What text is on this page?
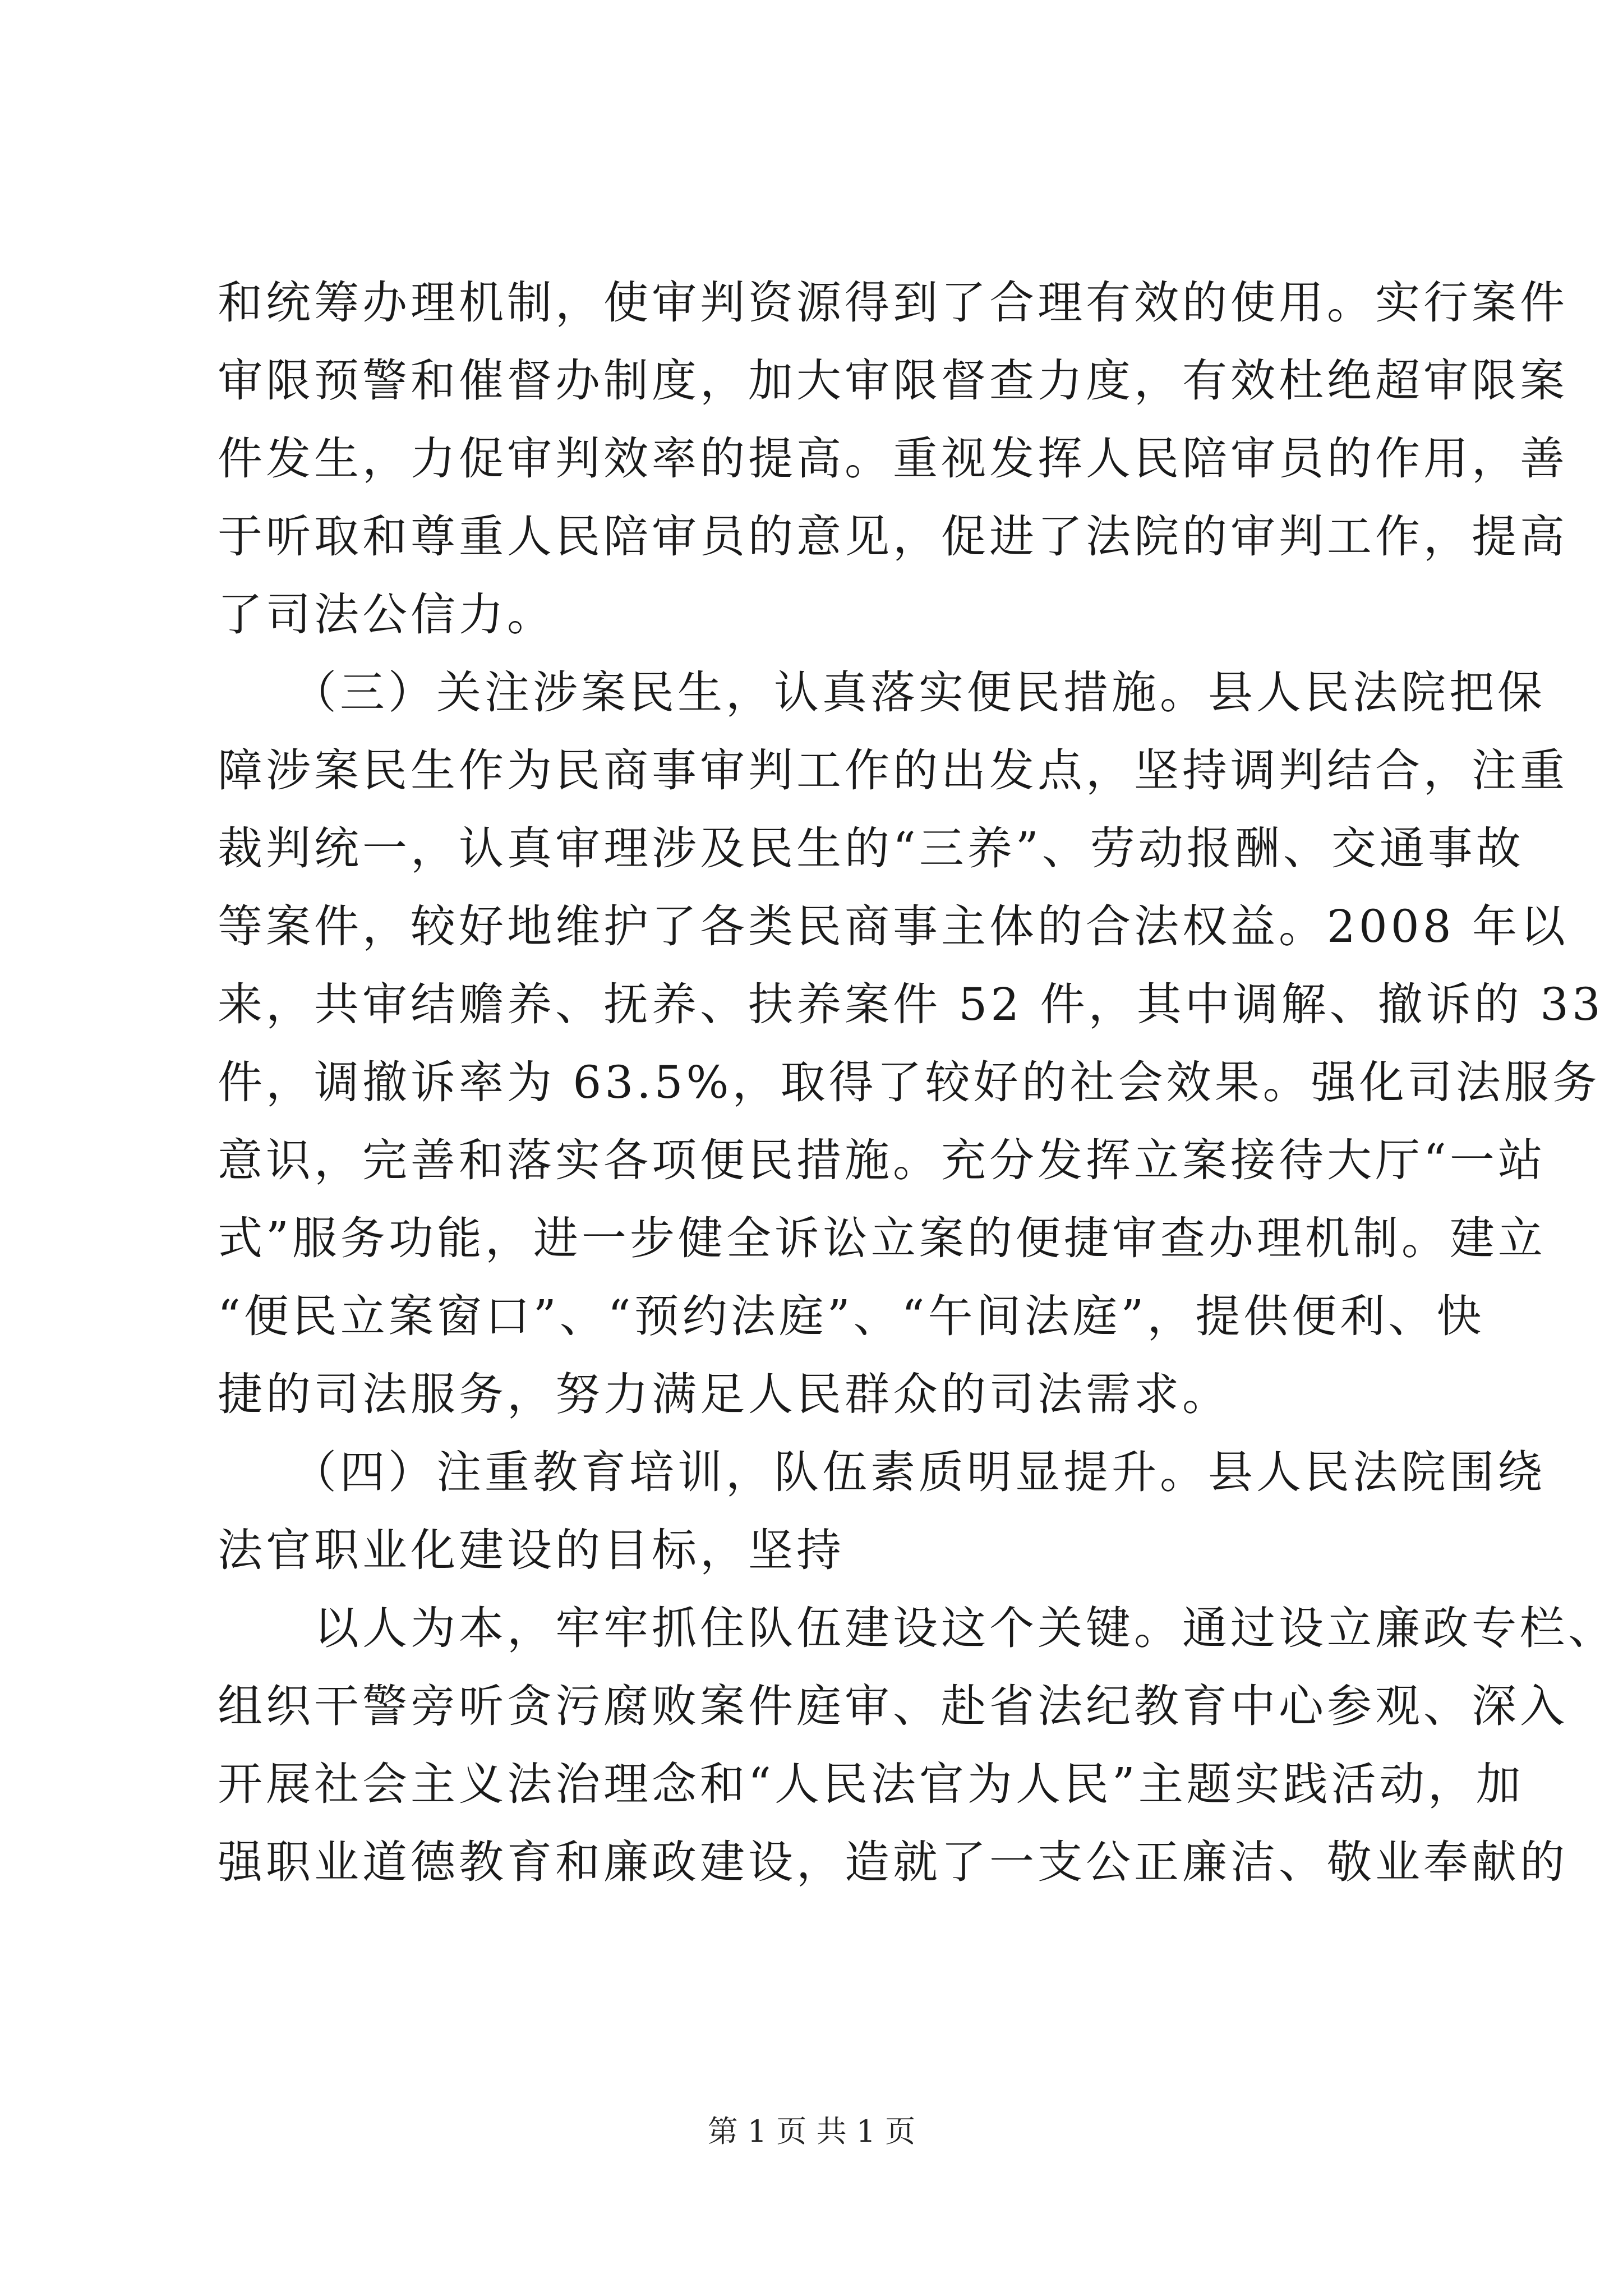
和统筹办理机制，使审判资源得到了合理有效的使用。实行案件
审限预警和催督办制度，加大审限督查力度，有效杜绝超审限案
件发生，力促审判效率的提高。重视发挥人民陪审员的作用，善
于听取和尊重人民陪审员的意见，促进了法院的审判工作，提高
了司法公信力。
　　（三）关注涉案民生，认真落实便民措施。县人民法院把保
障涉案民生作为民商事审判工作的出发点，坚持调判结合，注重
裁判统一，认真审理涉及民生的“三养”、劳动报酬、交通事故
等案件，较好地维护了各类民商事主体的合法权益。2008 年以
来，共审结赡养、抚养、扶养案件 52 件，其中调解、撤诉的 33
件，调撤诉率为 63.5%，取得了较好的社会效果。强化司法服务
意识，完善和落实各项便民措施。充分发挥立案接待大厅“一站
式”服务功能，进一步健全诉讼立案的便捷审查办理机制。建立
“便民立案窗口”、“预约法庭”、“午间法庭”，提供便利、快
捷的司法服务，努力满足人民群众的司法需求。
　　（四）注重教育培训，队伍素质明显提升。县人民法院围绕
法官职业化建设的目标，坚持
　　以人为本，牢牢抓住队伍建设这个关键。通过设立廉政专栏、
组织干警旁听贪污腐败案件庭审、赴省法纪教育中心参观、深入
开展社会主义法治理念和“人民法官为人民”主题实践活动，加
强职业道德教育和廉政建设，造就了一支公正廉洁、敬业奉献的
第 1 页 共 1 页
